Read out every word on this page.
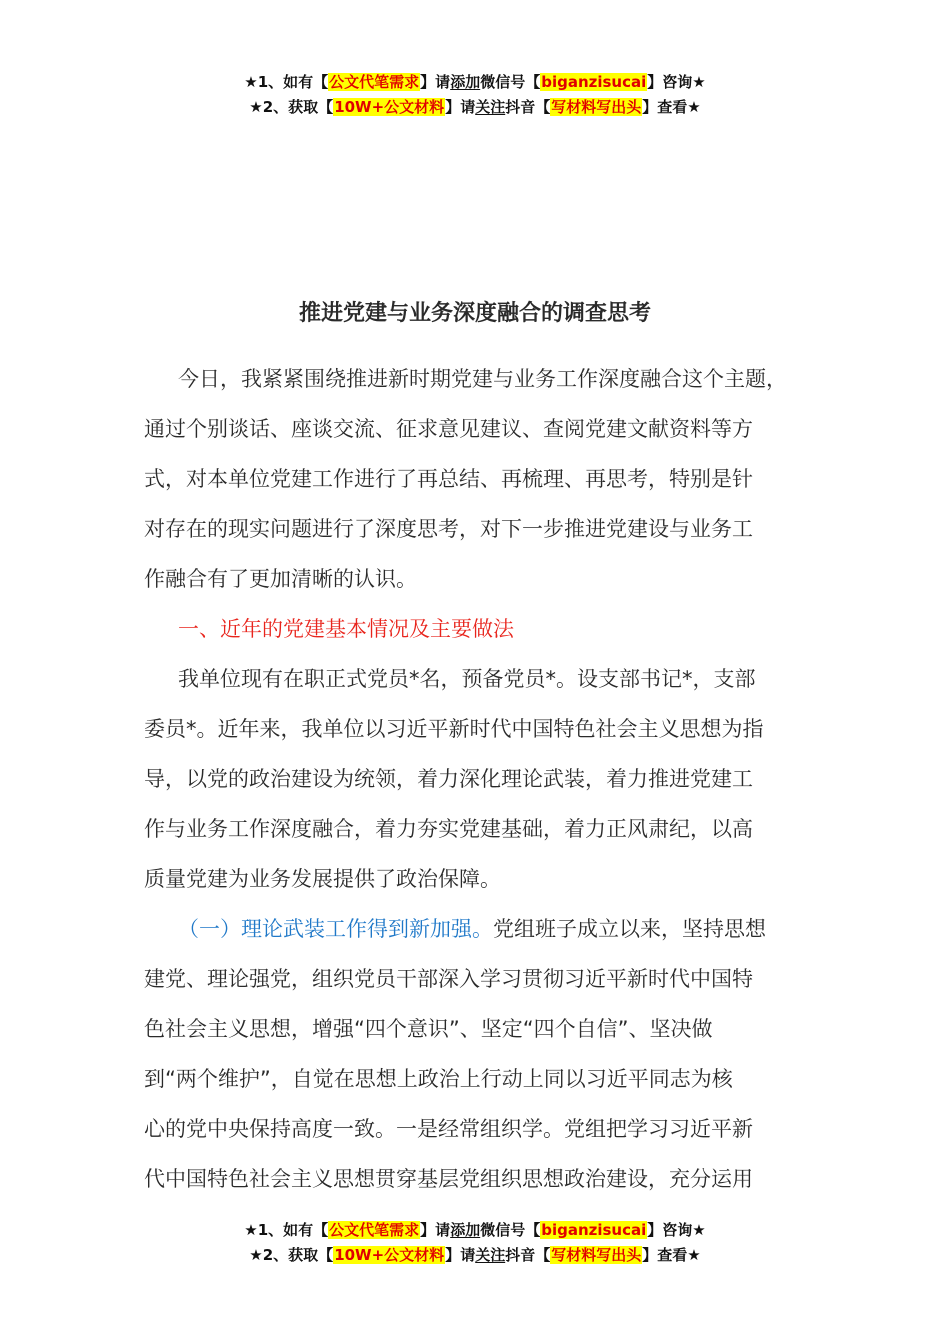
★1、如有【公文代笔需求】请添加微信号【biganzisucai】咨询★
★2、获取【10W+公文材料】请关注抖音【写材料写出头】查看★
推进党建与业务深度融合的调查思考
今日，我紧紧围绕推进新时期党建与业务工作深度融合这个主题，
通过个别谈话、座谈交流、征求意见建议、查阅党建文献资料等方
式，对本单位党建工作进行了再总结、再梳理、再思考，特别是针
对存在的现实问题进行了深度思考，对下一步推进党建设与业务工
作融合有了更加清晰的认识。
一、近年的党建基本情况及主要做法
我单位现有在职正式党员*名，预备党员*。设支部书记*，支部
委员*。近年来，我单位以习近平新时代中国特色社会主义思想为指
导，以党的政治建设为统领，着力深化理论武装，着力推进党建工
作与业务工作深度融合，着力夯实党建基础，着力正风肃纪，以高
质量党建为业务发展提供了政治保障。
（一）理论武装工作得到新加强。党组班子成立以来，坚持思想
建党、理论强党，组织党员干部深入学习贯彻习近平新时代中国特
色社会主义思想，增强“四个意识”、坚定“四个自信”、坚决做
到“两个维护”，自觉在思想上政治上行动上同以习近平同志为核
心的党中央保持高度一致。一是经常组织学。党组把学习习近平新
代中国特色社会主义思想贯穿基层党组织思想政治建设，充分运用
★1、如有【公文代笔需求】请添加微信号【biganzisucai】咨询★
★2、获取【10W+公文材料】请关注抖音【写材料写出头】查看★
